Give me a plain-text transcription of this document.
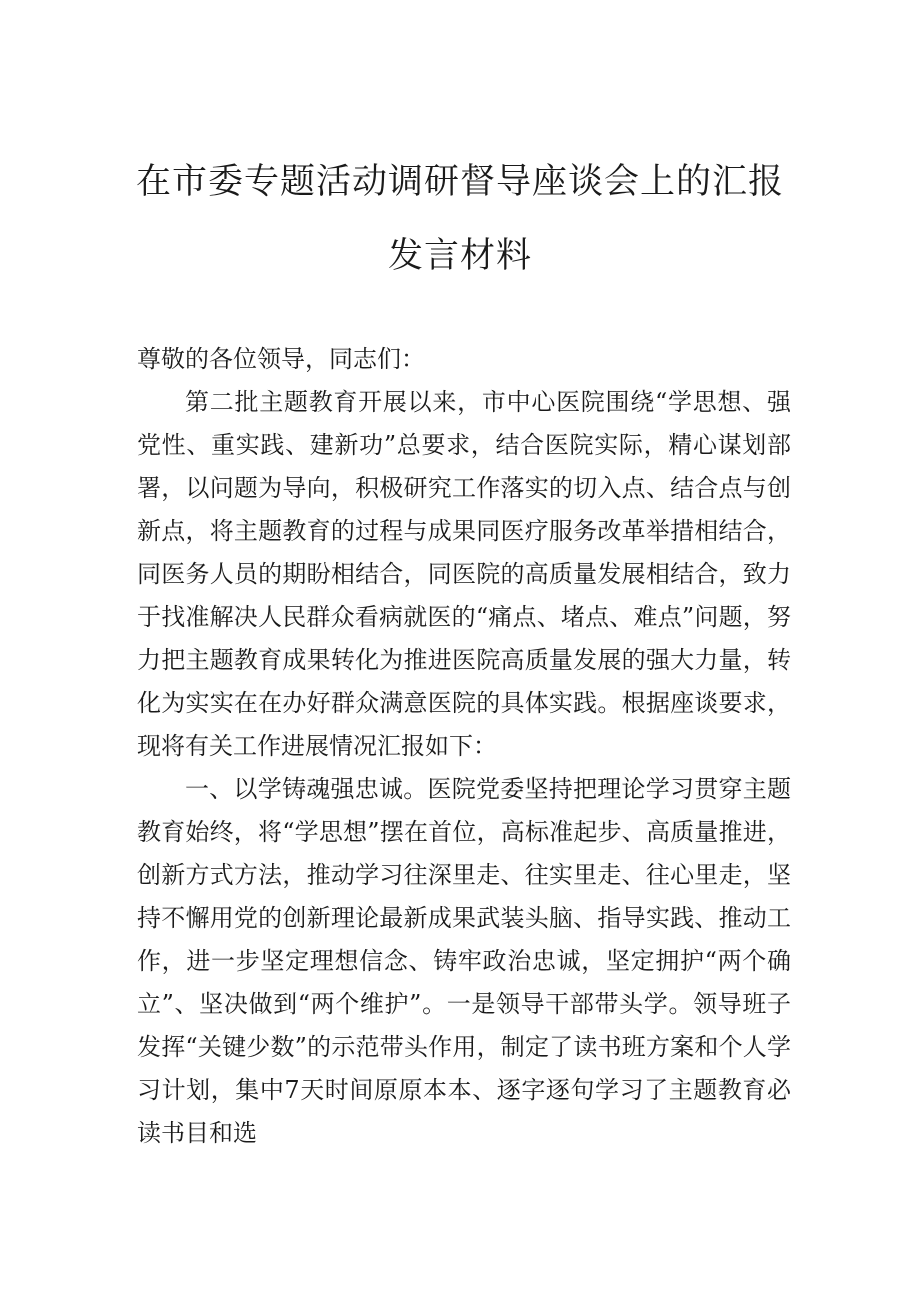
在市委专题活动调研督导座谈会上的汇报
发言材料

尊敬的各位领导，同志们：

第二批主题教育开展以来，市中心医院围绕“学思想、强党性、重实践、建新功”总要求，结合医院实际，精心谋划部署，以问题为导向，积极研究工作落实的切入点、结合点与创新点，将主题教育的过程与成果同医疗服务改革举措相结合，同医务人员的期盼相结合，同医院的高质量发展相结合，致力于找准解决人民群众看病就医的“痛点、堵点、难点”问题，努力把主题教育成果转化为推进医院高质量发展的强大力量，转化为实实在在办好群众满意医院的具体实践。根据座谈要求，现将有关工作进展情况汇报如下：

一、以学铸魂强忠诚。医院党委坚持把理论学习贯穿主题教育始终，将“学思想”摆在首位，高标准起步、高质量推进，创新方式方法，推动学习往深里走、往实里走、往心里走，坚持不懈用党的创新理论最新成果武装头脑、指导实践、推动工作，进一步坚定理想信念、铸牢政治忠诚，坚定拥护“两个确立”、坚决做到“两个维护”。一是领导干部带头学。领导班子发挥“关键少数”的示范带头作用，制定了读书班方案和个人学习计划，集中7天时间原原本本、逐字逐句学习了主题教育必读书目和选
